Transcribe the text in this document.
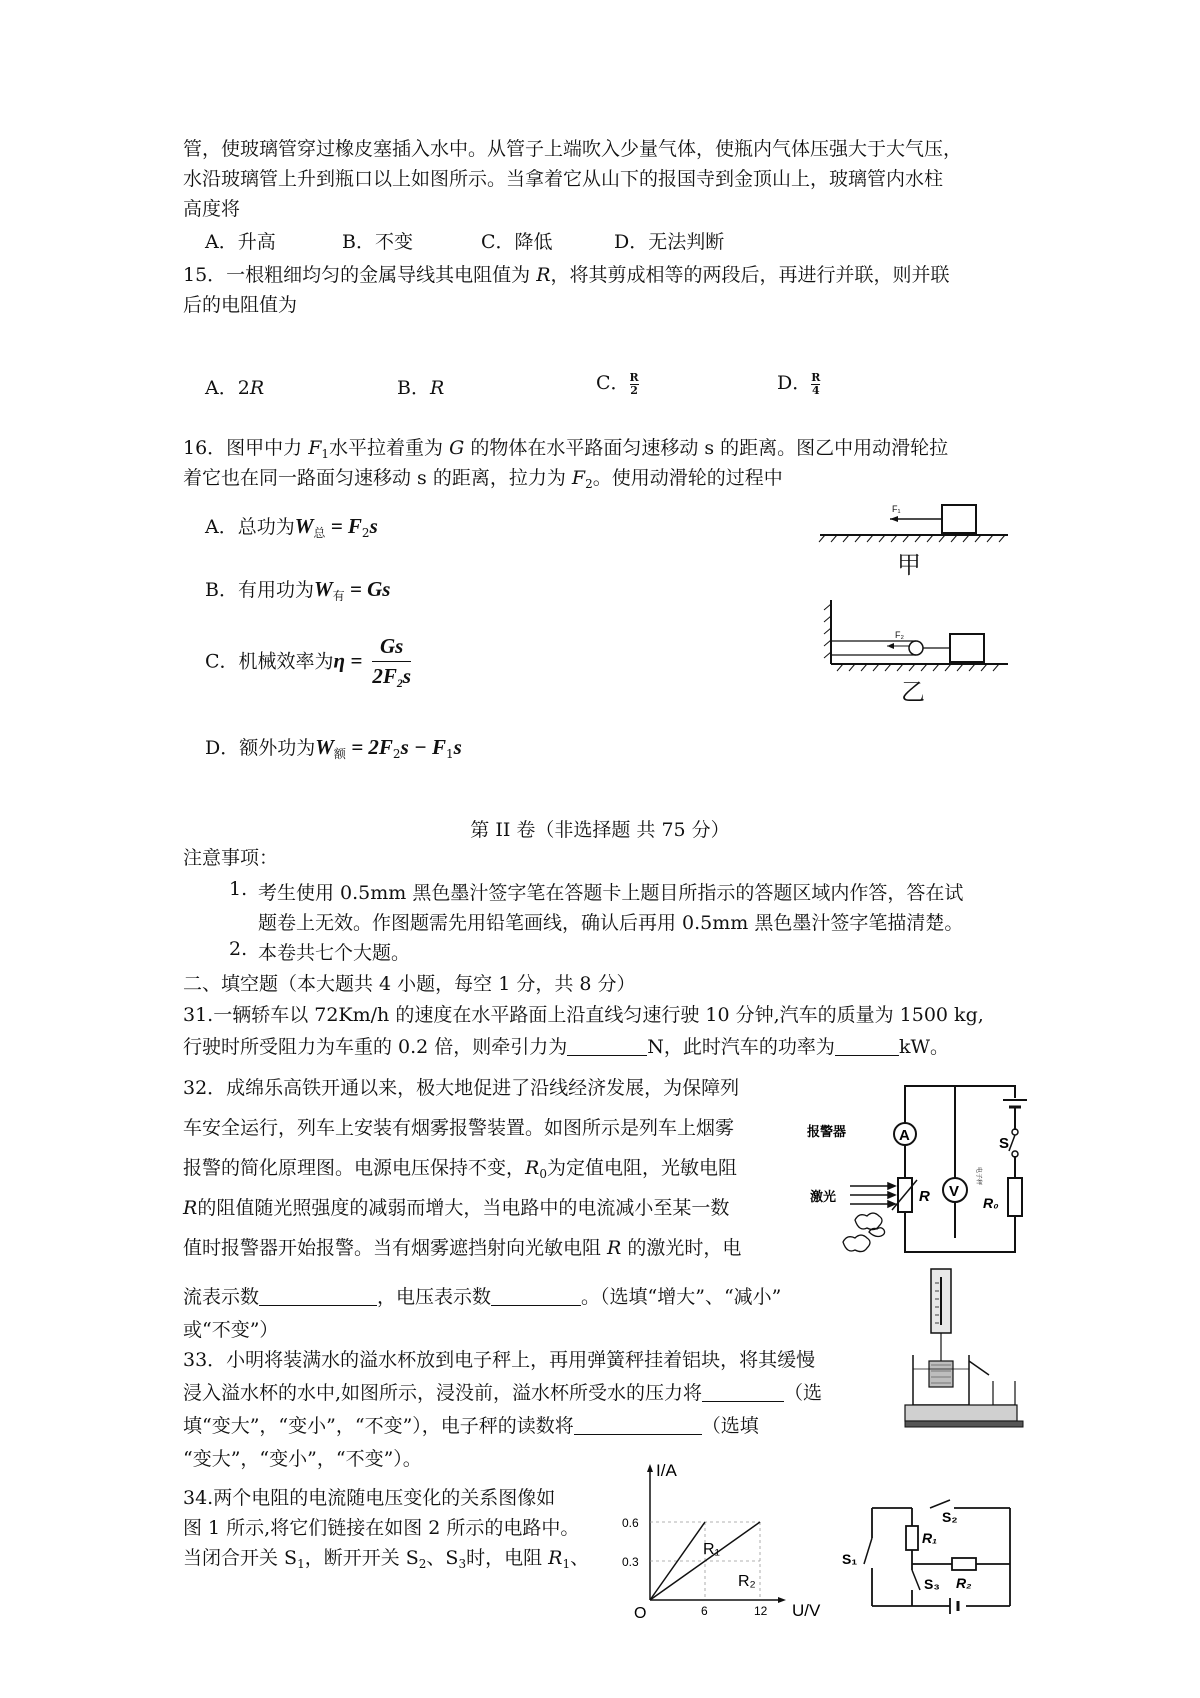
管，使玻璃管穿过橡皮塞插入水中。从管子上端吹入少量气体，使瓶内气体压强大于大气压，
水沿玻璃管上升到瓶口以上如图所示。当拿着它从山下的报国寺到金顶山上，玻璃管内水柱
高度将
A．升高	B．不变	C．降低	D．无法判断
15．一根粗细均匀的金属导线其电阻值为 R，将其剪成相等的两段后，再进行并联，则并联
后的电阻值为
A．2R	B．R	C． $\frac{R}{2}$	D． $\frac{R}{4}$
16．图甲中力 $F_1$水平拉着重为 G 的物体在水平路面匀速移动 s 的距离。图乙中用动滑轮拉
着它也在同一路面匀速移动 s 的距离，拉力为 $F_2$。使用动滑轮的过程中
A．总功为$W_总 = F_2s$
B．有用功为$W_有 = Gs$
C．机械效率为$\eta = \frac{Gs}{2F_2s}$
D．额外功为$W_额 = 2F_2s - F_1s$
F₁
甲
F₂
乙
第 II 卷（非选择题 共 75 分）
注意事项：
1. 考生使用 0.5mm 黑色墨汁签字笔在答题卡上题目所指示的答题区域内作答，答在试
题卷上无效。作图题需先用铅笔画线，确认后再用 0.5mm 黑色墨汁签字笔描清楚。
2. 本卷共七个大题。
二、填空题（本大题共 4 小题，每空 1 分，共 8 分）
31.一辆轿车以 72Km/h 的速度在水平路面上沿直线匀速行驶 10 分钟,汽车的质量为 1500 kg,
行驶时所受阻力为车重的 0.2 倍，则牵引力为	N，此时汽车的功率为	kW。
32．成绵乐高铁开通以来，极大地促进了沿线经济发展，为保障列
车安全运行，列车上安装有烟雾报警装置。如图所示是列车上烟雾
报警的简化原理图。电源电压保持不变，$R_0$为定值电阻，光敏电阻
R的阻值随光照强度的减弱而增大，当电路中的电流减小至某一数
值时报警器开始报警。当有烟雾遮挡射向光敏电阻 R 的激光时，电
流表示数	，电压表示数	。（选填“增大”、“减小”
或“不变”）
S
R₀
V
A
报警器
R
激光
33．小明将装满水的溢水杯放到电子秤上，再用弹簧秤挂着铝块，将其缓慢
浸入溢水杯的水中,如图所示，浸没前，溢水杯所受水的压力将	（选
填“变大”，“变小”，“不变”），电子秤的读数将	（选填
“变大”，“变小”，“不变”）。
电子秤
34.两个电阻的电流随电压变化的关系图像如
图 1 所示,将它们链接在如图 2 所示的电路中。
当闭合开关 $S_1$，断开开关 $S_2$、$S_3$时，电阻 $R_1$、
I/A
U/V
O
0.6
0.3
6	12
R₁
R₂
S₁
S₂
S₃
R₁
R₂
